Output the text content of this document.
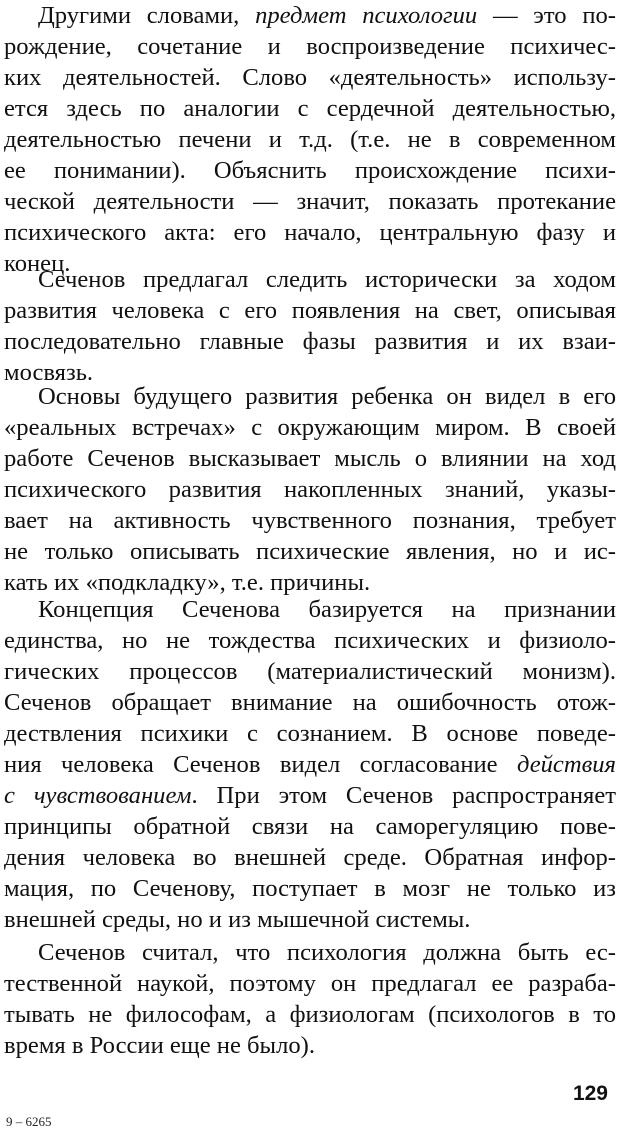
Другими словами, предмет психологии — это по-
рождение, сочетание и воспроизведение психичес-
ких деятельностей. Слово «деятельность» использу-
ется здесь по аналогии с сердечной деятельностью,
деятельностью печени и т.д. (т.е. не в современном
ее понимании). Объяснить происхождение психи-
ческой деятельности — значит, показать протекание
психического акта: его начало, центральную фазу и
конец.
Сеченов предлагал следить исторически за ходом
развития человека с его появления на свет, описывая
последовательно главные фазы развития и их взаи-
мосвязь.
Основы будущего развития ребенка он видел в его
«реальных встречах» с окружающим миром. В своей
работе Сеченов высказывает мысль о влиянии на ход
психического развития накопленных знаний, указы-
вает на активность чувственного познания, требует
не только описывать психические явления, но и ис-
кать их «подкладку», т.е. причины.
Концепция Сеченова базируется на признании
единства, но не тождества психических и физиоло-
гических процессов (материалистический монизм).
Сеченов обращает внимание на ошибочность отож-
дествления психики с сознанием. В основе поведе-
ния человека Сеченов видел согласование действия
с чувствованием. При этом Сеченов распространяет
принципы обратной связи на саморегуляцию пове-
дения человека во внешней среде. Обратная инфор-
мация, по Сеченову, поступает в мозг не только из
внешней среды, но и из мышечной системы.
Сеченов считал, что психология должна быть ес-
тественной наукой, поэтому он предлагал ее разраба-
тывать не философам, а физиологам (психологов в то
время в России еще не было).
129
9 – 6265
